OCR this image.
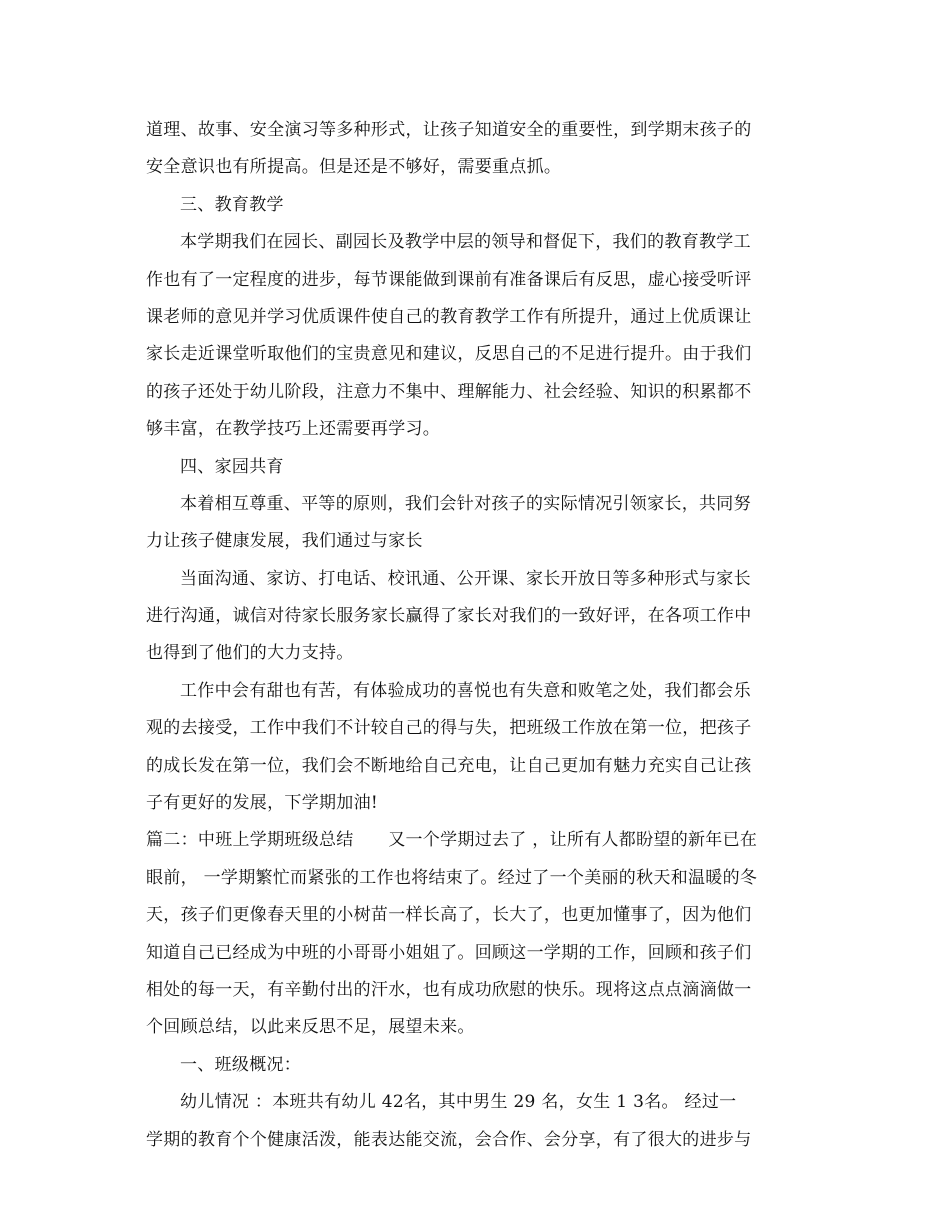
道理、故事、安全演习等多种形式，让孩子知道安全的重要性，到学期末孩子的
安全意识也有所提高。但是还是不够好，需要重点抓。
三、教育教学
本学期我们在园长、副园长及教学中层的领导和督促下，我们的教育教学工
作也有了一定程度的进步，每节课能做到课前有准备课后有反思，虚心接受听评
课老师的意见并学习优质课件使自己的教育教学工作有所提升，通过上优质课让
家长走近课堂听取他们的宝贵意见和建议，反思自己的不足进行提升。由于我们
的孩子还处于幼儿阶段，注意力不集中、理解能力、社会经验、知识的积累都不
够丰富，在教学技巧上还需要再学习。
四、家园共育
本着相互尊重、平等的原则，我们会针对孩子的实际情况引领家长，共同努
力让孩子健康发展，我们通过与家长
当面沟通、家访、打电话、校讯通、公开课、家长开放日等多种形式与家长
进行沟通，诚信对待家长服务家长赢得了家长对我们的一致好评，在各项工作中
也得到了他们的大力支持。
工作中会有甜也有苦，有体验成功的喜悦也有失意和败笔之处，我们都会乐
观的去接受，工作中我们不计较自己的得与失，把班级工作放在第一位，把孩子
的成长发在第一位，我们会不断地给自己充电，让自己更加有魅力充实自己让孩
子有更好的发展，下学期加油!
篇二：中班上学期班级总结　　又一个学期过去了 ，让所有人都盼望的新年已在
眼前， 一学期繁忙而紧张的工作也将结束了。经过了一个美丽的秋天和温暖的冬
天，孩子们更像春天里的小树苗一样长高了，长大了，也更加懂事了，因为他们
知道自己已经成为中班的小哥哥小姐姐了。回顾这一学期的工作，回顾和孩子们
相处的每一天，有辛勤付出的汗水，也有成功欣慰的快乐。现将这点点滴滴做一
个回顾总结，以此来反思不足，展望未来。
一、班级概况：
幼儿情况 ：本班共有幼儿 42名，其中男生 29 名，女生 1 3名。 经过一
学期的教育个个健康活泼，能表达能交流，会合作、会分享，有了很大的进步与
